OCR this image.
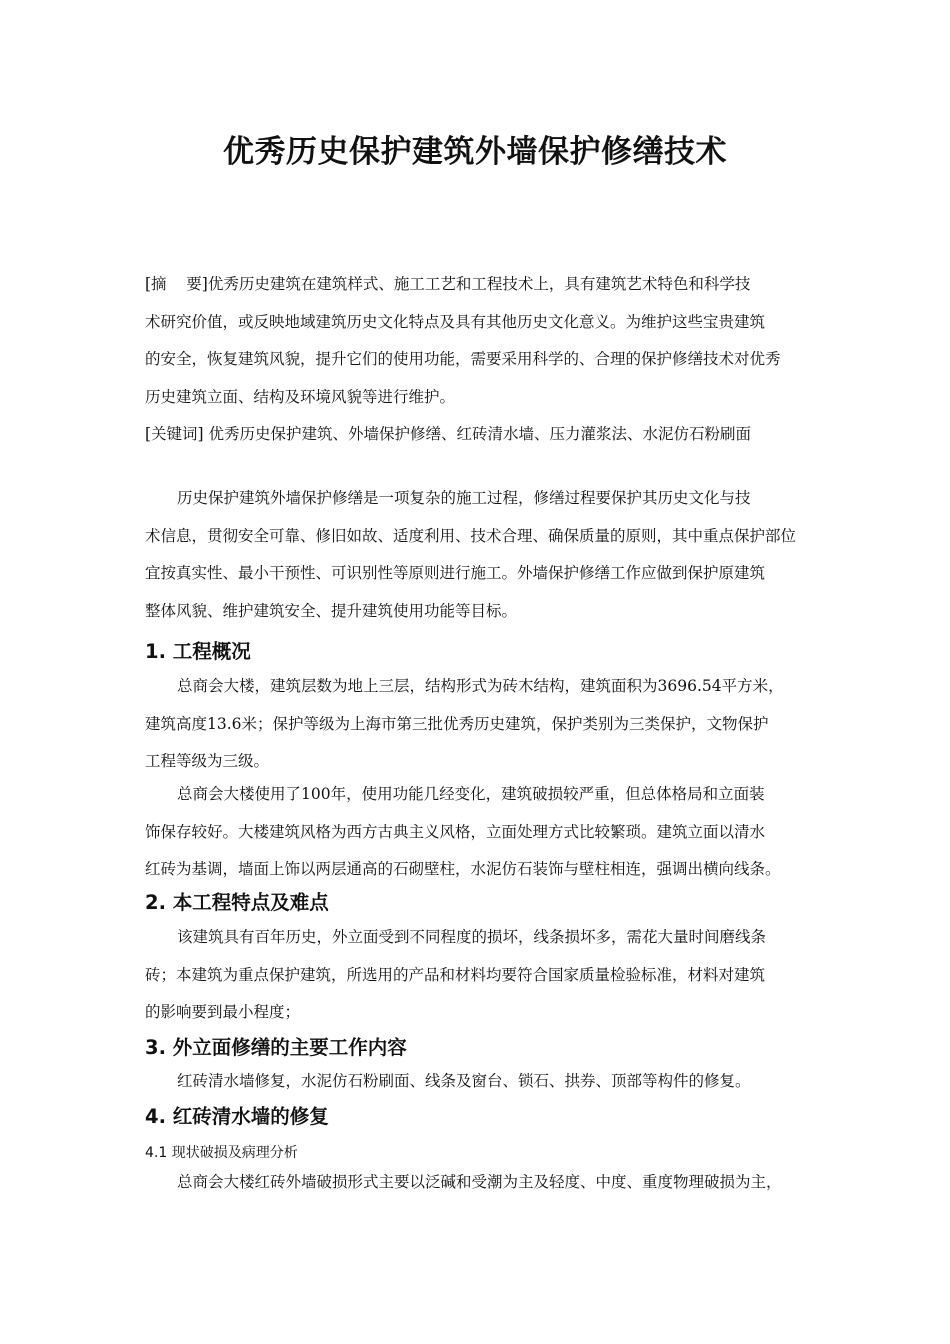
优秀历史保护建筑外墙保护修缮技术
[摘    要]优秀历史建筑在建筑样式、施工工艺和工程技术上，具有建筑艺术特色和科学技
术研究价值，或反映地域建筑历史文化特点及具有其他历史文化意义。为维护这些宝贵建筑
的安全，恢复建筑风貌，提升它们的使用功能，需要采用科学的、合理的保护修缮技术对优秀
历史建筑立面、结构及环境风貌等进行维护。
[关键词] 优秀历史保护建筑、外墙保护修缮、红砖清水墙、压力灌浆法、水泥仿石粉刷面
历史保护建筑外墙保护修缮是一项复杂的施工过程，修缮过程要保护其历史文化与技
术信息，贯彻安全可靠、修旧如故、适度利用、技术合理、确保质量的原则，其中重点保护部位
宜按真实性、最小干预性、可识别性等原则进行施工。外墙保护修缮工作应做到保护原建筑
整体风貌、维护建筑安全、提升建筑使用功能等目标。
1. 工程概况
总商会大楼，建筑层数为地上三层，结构形式为砖木结构，建筑面积为3696.54平方米，
建筑高度13.6米；保护等级为上海市第三批优秀历史建筑，保护类别为三类保护，文物保护
工程等级为三级。
总商会大楼使用了100年，使用功能几经变化，建筑破损较严重，但总体格局和立面装
饰保存较好。大楼建筑风格为西方古典主义风格，立面处理方式比较繁琐。建筑立面以清水
红砖为基调，墙面上饰以两层通高的石砌壁柱，水泥仿石装饰与壁柱相连，强调出横向线条。
2. 本工程特点及难点
该建筑具有百年历史，外立面受到不同程度的损坏，线条损坏多，需花大量时间磨线条
砖；本建筑为重点保护建筑，所选用的产品和材料均要符合国家质量检验标准，材料对建筑
的影响要到最小程度；
3. 外立面修缮的主要工作内容
红砖清水墙修复，水泥仿石粉刷面、线条及窗台、锁石、拱券、顶部等构件的修复。
4. 红砖清水墙的修复
4.1 现状破损及病理分析
总商会大楼红砖外墙破损形式主要以泛碱和受潮为主及轻度、中度、重度物理破损为主，
